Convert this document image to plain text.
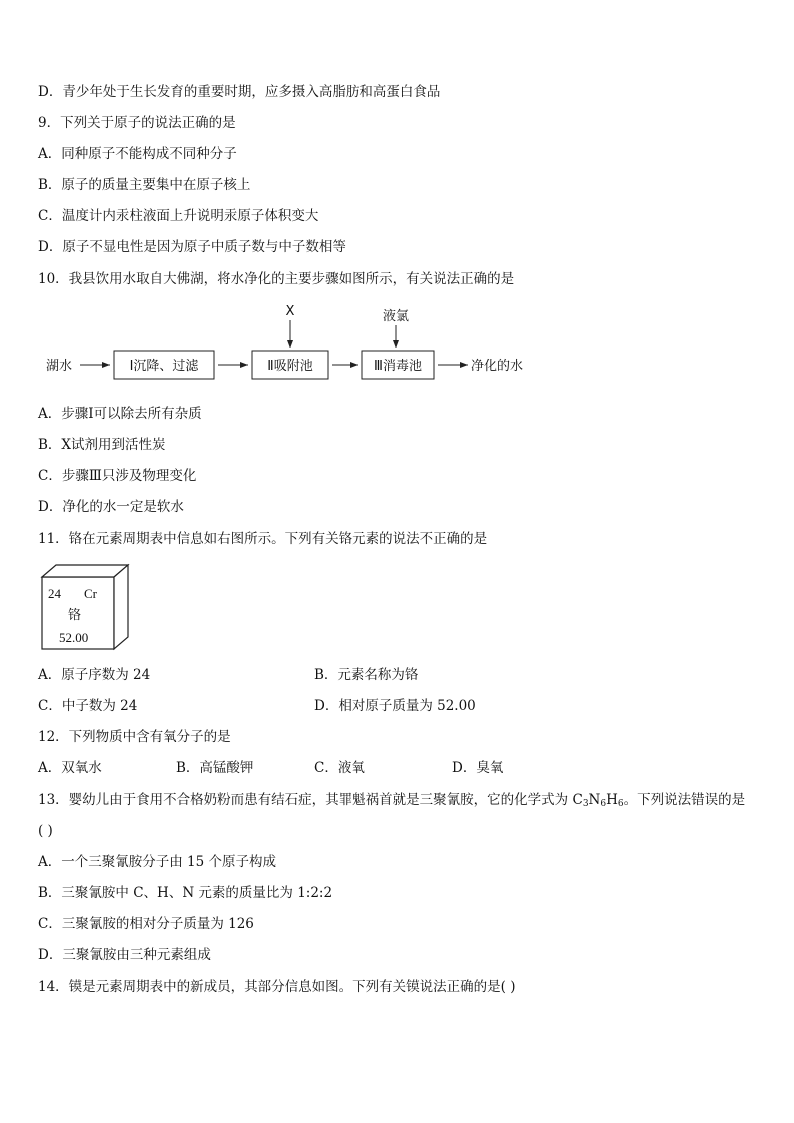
D．青少年处于生长发育的重要时期，应多摄入高脂肪和高蛋白食品
9．下列关于原子的说法正确的是
A．同种原子不能构成不同种分子
B．原子的质量主要集中在原子核上
C．温度计内汞柱液面上升说明汞原子体积变大
D．原子不显电性是因为原子中质子数与中子数相等
10．我县饮用水取自大佛湖，将水净化的主要步骤如图所示，有关说法正确的是
湖水	Ⅰ沉降、过滤	Ⅱ吸附池	Ⅲ消毒池	净化的水
X	液氯
A．步骤Ⅰ可以除去所有杂质
B．X试剂用到活性炭
C．步骤Ⅲ只涉及物理变化
D．净化的水一定是软水
11．铬在元素周期表中信息如右图所示。下列有关铬元素的说法不正确的是
24 Cr
铬
52.00
A．原子序数为 24	B．元素名称为铬
C．中子数为 24	D．相对原子质量为 52.00
12．下列物质中含有氧分子的是
A．双氧水	B．高锰酸钾	C．液氧	D．臭氧
13．婴幼儿由于食用不合格奶粉而患有结石症，其罪魁祸首就是三聚氰胺，它的化学式为 $C_3N_6H_6$。下列说法错误的是
( )
A．一个三聚氰胺分子由 15 个原子构成
B．三聚氰胺中 C、H、N 元素的质量比为 1:2:2
C．三聚氰胺的相对分子质量为 126
D．三聚氰胺由三种元素组成
14．镆是元素周期表中的新成员，其部分信息如图。下列有关镆说法正确的是( )
